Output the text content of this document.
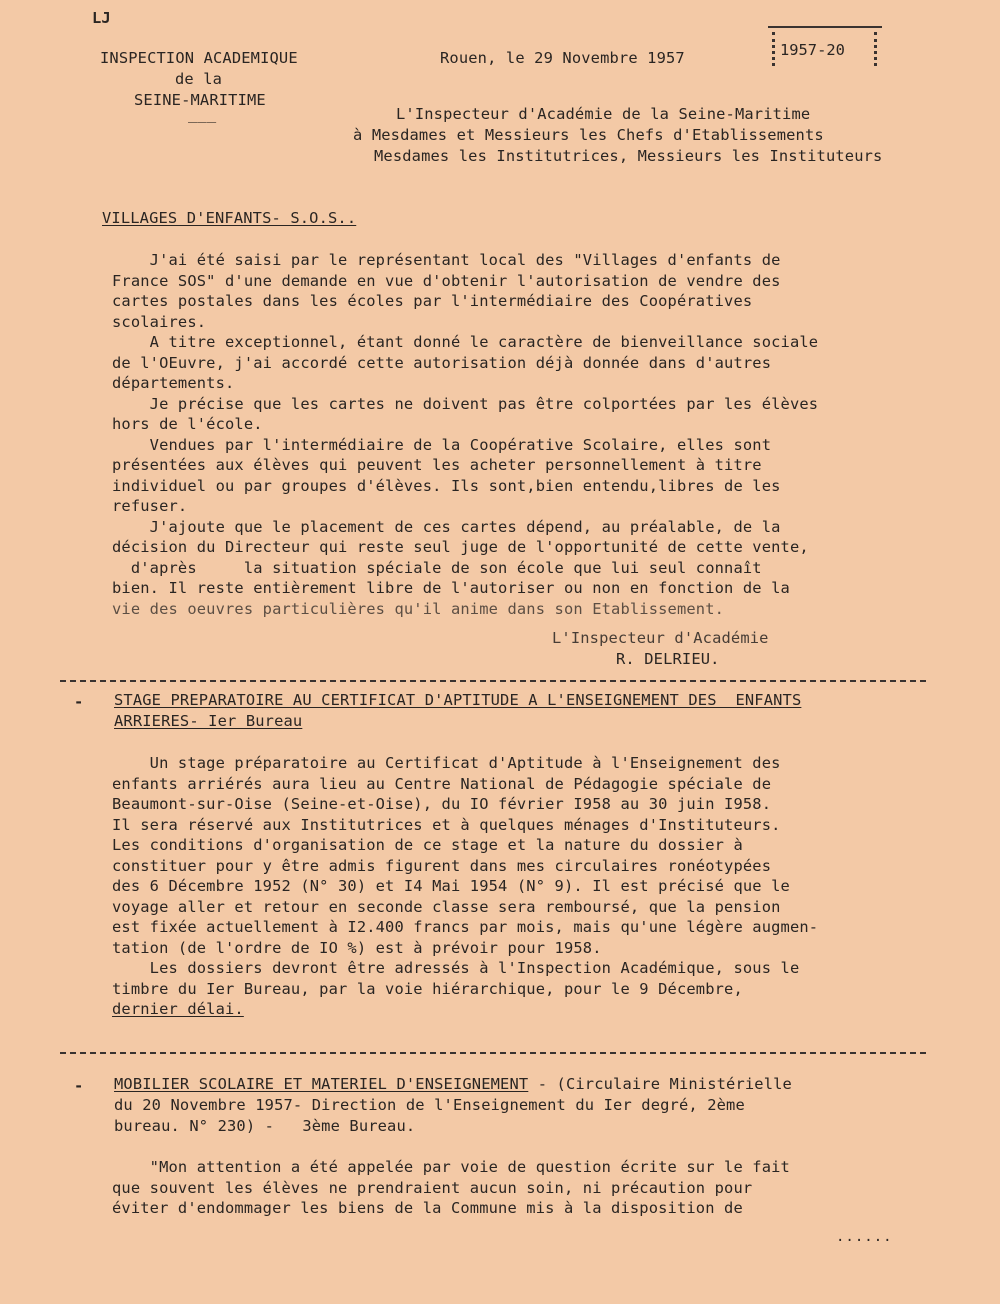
LJ
INSPECTION ACADEMIQUE
de la
SEINE-MARITIME
___
Rouen, le 29 Novembre 1957	1957-20
L'Inspecteur d'Académie de la Seine-Maritime
à Mesdames et Messieurs les Chefs d'Etablissements
Mesdames les Institutrices, Messieurs les Instituteurs
VILLAGES D'ENFANTS- S.O.S..
J'ai été saisi par le représentant local des "Villages d'enfants de
France SOS" d'une demande en vue d'obtenir l'autorisation de vendre des
cartes postales dans les écoles par l'intermédiaire des Coopératives
scolaires.
A titre exceptionnel, étant donné le caractère de bienveillance sociale
de l'OEuvre, j'ai accordé cette autorisation déjà donnée dans d'autres
départements.
Je précise que les cartes ne doivent pas être colportées par les élèves
hors de l'école.
Vendues par l'intermédiaire de la Coopérative Scolaire, elles sont
présentées aux élèves qui peuvent les acheter personnellement à titre
individuel ou par groupes d'élèves. Ils sont,bien entendu,libres de les
refuser.
J'ajoute que le placement de ces cartes dépend, au préalable, de la
décision du Directeur qui reste seul juge de l'opportunité de cette vente,
d'après     la situation spéciale de son école que lui seul connaît
bien. Il reste entièrement libre de l'autoriser ou non en fonction de la
vie des oeuvres particulières qu'il anime dans son Etablissement.
L'Inspecteur d'Académie
R. DELRIEU.
- STAGE PREPARATOIRE AU CERTIFICAT D'APTITUDE A L'ENSEIGNEMENT DES  ENFANTS
ARRIERES- Ier Bureau
Un stage préparatoire au Certificat d'Aptitude à l'Enseignement des
enfants arriérés aura lieu au Centre National de Pédagogie spéciale de
Beaumont-sur-Oise (Seine-et-Oise), du IO février I958 au 30 juin I958.
Il sera réservé aux Institutrices et à quelques ménages d'Instituteurs.
Les conditions d'organisation de ce stage et la nature du dossier à
constituer pour y être admis figurent dans mes circulaires ronéotypées
des 6 Décembre 1952 (N° 30) et I4 Mai 1954 (N° 9). Il est précisé que le
voyage aller et retour en seconde classe sera remboursé, que la pension
est fixée actuellement à I2.400 francs par mois, mais qu'une légère augmen-
tation (de l'ordre de IO %) est à prévoir pour 1958.
Les dossiers devront être adressés à l'Inspection Académique, sous le
timbre du Ier Bureau, par la voie hiérarchique, pour le 9 Décembre,
dernier délai.
- MOBILIER SCOLAIRE ET MATERIEL D'ENSEIGNEMENT - (Circulaire Ministérielle
du 20 Novembre 1957- Direction de l'Enseignement du Ier degré, 2ème
bureau. N° 230) -   3ème Bureau.
"Mon attention a été appelée par voie de question écrite sur le fait
que souvent les élèves ne prendraient aucun soin, ni précaution pour
éviter d'endommager les biens de la Commune mis à la disposition de
......
